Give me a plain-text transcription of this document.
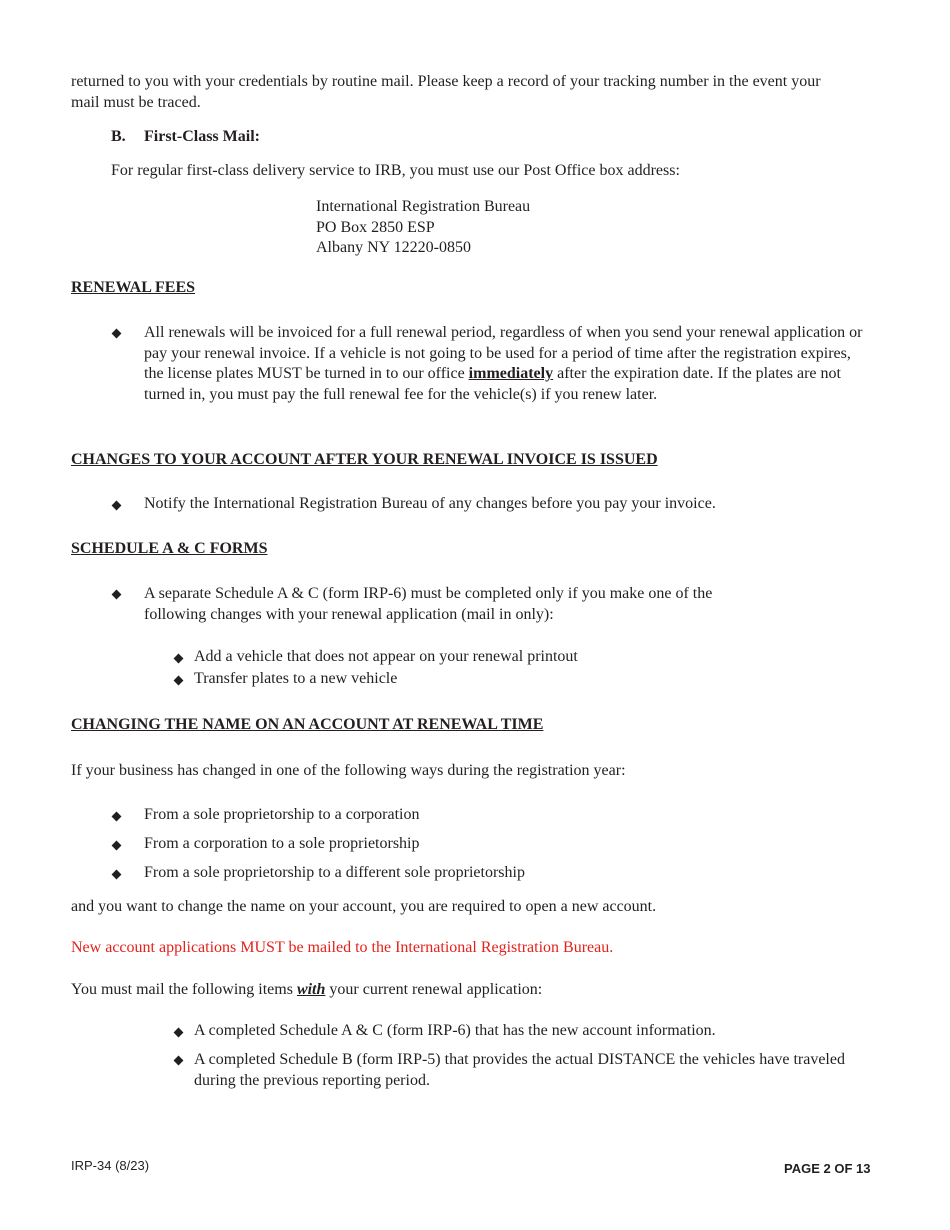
returned to you with your credentials by routine mail. Please keep a record of your tracking number in the event your
mail must be traced.
B. First-Class Mail:
For regular first-class delivery service to IRB, you must use our Post Office box address:
International Registration Bureau
PO Box 2850 ESP
Albany NY 12220-0850
RENEWAL FEES
All renewals will be invoiced for a full renewal period, regardless of when you send your renewal application or pay your renewal invoice. If a vehicle is not going to be used for a period of time after the registration expires, the license plates MUST be turned in to our office immediately after the expiration date. If the plates are not turned in, you must pay the full renewal fee for the vehicle(s) if you renew later.
CHANGES TO YOUR ACCOUNT AFTER YOUR RENEWAL INVOICE IS ISSUED
Notify the International Registration Bureau of any changes before you pay your invoice.
SCHEDULE A & C FORMS
A separate Schedule A & C (form IRP-6) must be completed only if you make one of the following changes with your renewal application (mail in only):
Add a vehicle that does not appear on your renewal printout
Transfer plates to a new vehicle
CHANGING THE NAME ON AN ACCOUNT AT RENEWAL TIME
If your business has changed in one of the following ways during the registration year:
From a sole proprietorship to a corporation
From a corporation to a sole proprietorship
From a sole proprietorship to a different sole proprietorship
and you want to change the name on your account, you are required to open a new account.
New account applications MUST be mailed to the International Registration Bureau.
You must mail the following items with your current renewal application:
A completed Schedule A & C (form IRP-6) that has the new account information.
A completed Schedule B (form IRP-5) that provides the actual DISTANCE the vehicles have traveled during the previous reporting period.
IRP-34 (8/23)	PAGE 2 OF 13
